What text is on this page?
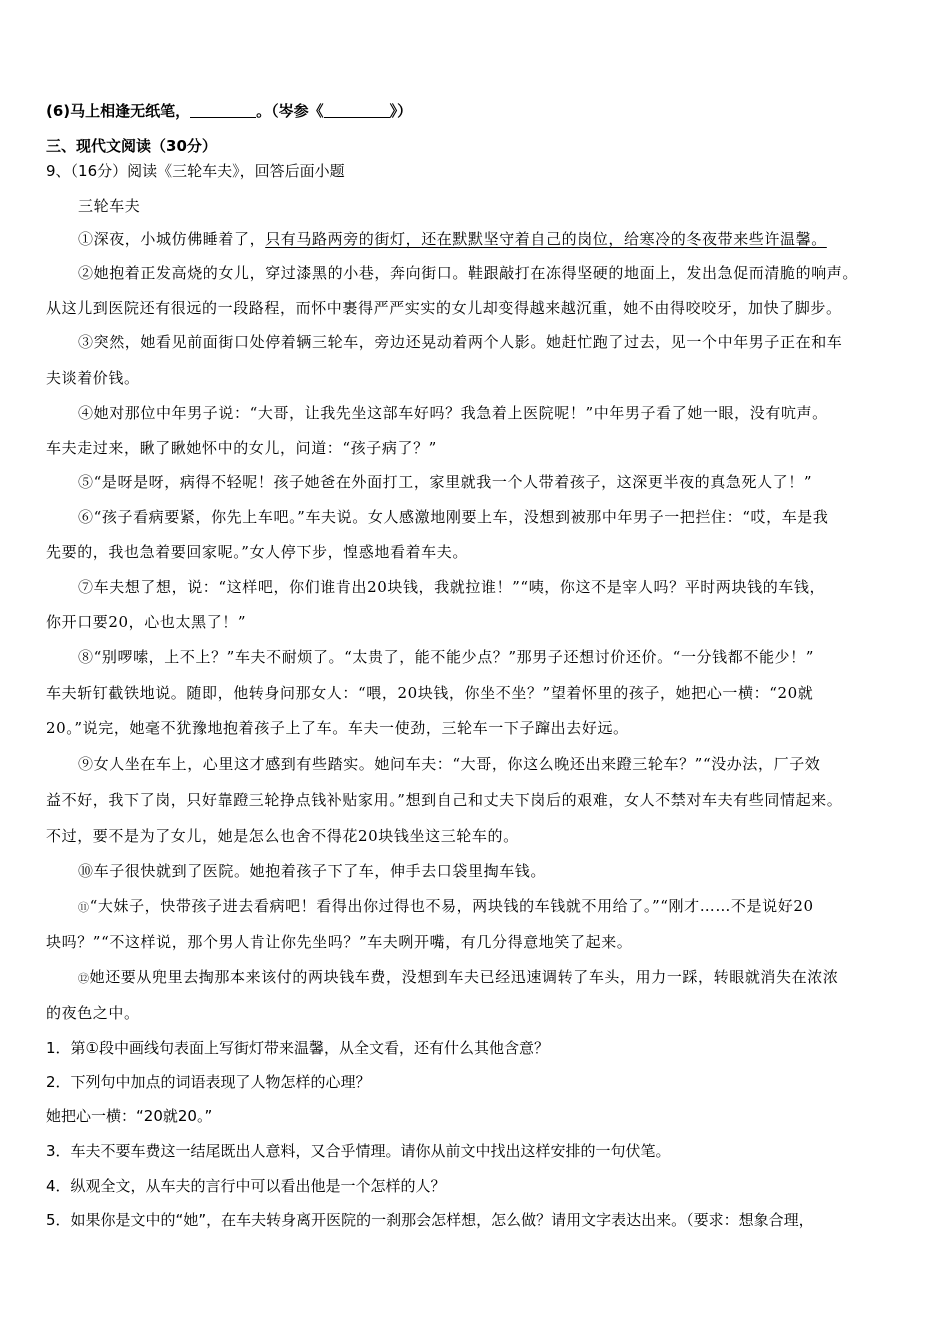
(6)马上相逢无纸笔，	。（岑参《	》）
三、现代文阅读（30分）
9、（16分）阅读《三轮车夫》，回答后面小题
三轮车夫
①深夜，小城仿佛睡着了，只有马路两旁的街灯，还在默默坚守着自己的岗位，给寒冷的冬夜带来些许温馨。
②她抱着正发高烧的女儿，穿过漆黑的小巷，奔向街口。鞋跟敲打在冻得坚硬的地面上，发出急促而清脆的响声。
从这儿到医院还有很远的一段路程，而怀中裹得严严实实的女儿却变得越来越沉重，她不由得咬咬牙，加快了脚步。
③突然，她看见前面街口处停着辆三轮车，旁边还晃动着两个人影。她赶忙跑了过去，见一个中年男子正在和车
夫谈着价钱。
④她对那位中年男子说：“大哥，让我先坐这部车好吗？我急着上医院呢！”中年男子看了她一眼，没有吭声。
车夫走过来，瞅了瞅她怀中的女儿，问道：“孩子病了？”
⑤“是呀是呀，病得不轻呢！孩子她爸在外面打工，家里就我一个人带着孩子，这深更半夜的真急死人了！”
⑥“孩子看病要紧，你先上车吧。”车夫说。女人感激地刚要上车，没想到被那中年男子一把拦住：“哎，车是我
先要的，我也急着要回家呢。”女人停下步，惶惑地看着车夫。
⑦车夫想了想，说：“这样吧，你们谁肯出20块钱，我就拉谁！”“咦，你这不是宰人吗？平时两块钱的车钱，
你开口要20，心也太黑了！”
⑧“别啰嗦，上不上？”车夫不耐烦了。“太贵了，能不能少点？”那男子还想讨价还价。“一分钱都不能少！”
车夫斩钉截铁地说。随即，他转身问那女人：“喂，20块钱，你坐不坐？”望着怀里的孩子，她把心一横：“20就
20。”说完，她毫不犹豫地抱着孩子上了车。车夫一使劲，三轮车一下子蹿出去好远。
⑨女人坐在车上，心里这才感到有些踏实。她问车夫：“大哥，你这么晚还出来蹬三轮车？”“没办法，厂子效
益不好，我下了岗，只好靠蹬三轮挣点钱补贴家用。”想到自己和丈夫下岗后的艰难，女人不禁对车夫有些同情起来。
不过，要不是为了女儿，她是怎么也舍不得花20块钱坐这三轮车的。
⑩车子很快就到了医院。她抱着孩子下了车，伸手去口袋里掏车钱。
⑪“大妹子，快带孩子进去看病吧！看得出你过得也不易，两块钱的车钱就不用给了。”“刚才……不是说好20
块吗？”“不这样说，那个男人肯让你先坐吗？”车夫咧开嘴，有几分得意地笑了起来。
⑫她还要从兜里去掏那本来该付的两块钱车费，没想到车夫已经迅速调转了车头，用力一踩，转眼就消失在浓浓
的夜色之中。
1．第①段中画线句表面上写街灯带来温馨，从全文看，还有什么其他含意？
2．下列句中加点的词语表现了人物怎样的心理？
她把心一横：“20就20。”
3．车夫不要车费这一结尾既出人意料，又合乎情理。请你从前文中找出这样安排的一句伏笔。
4．纵观全文，从车夫的言行中可以看出他是一个怎样的人？
5．如果你是文中的“她”，在车夫转身离开医院的一刹那会怎样想，怎么做？请用文字表达出来。（要求：想象合理，
